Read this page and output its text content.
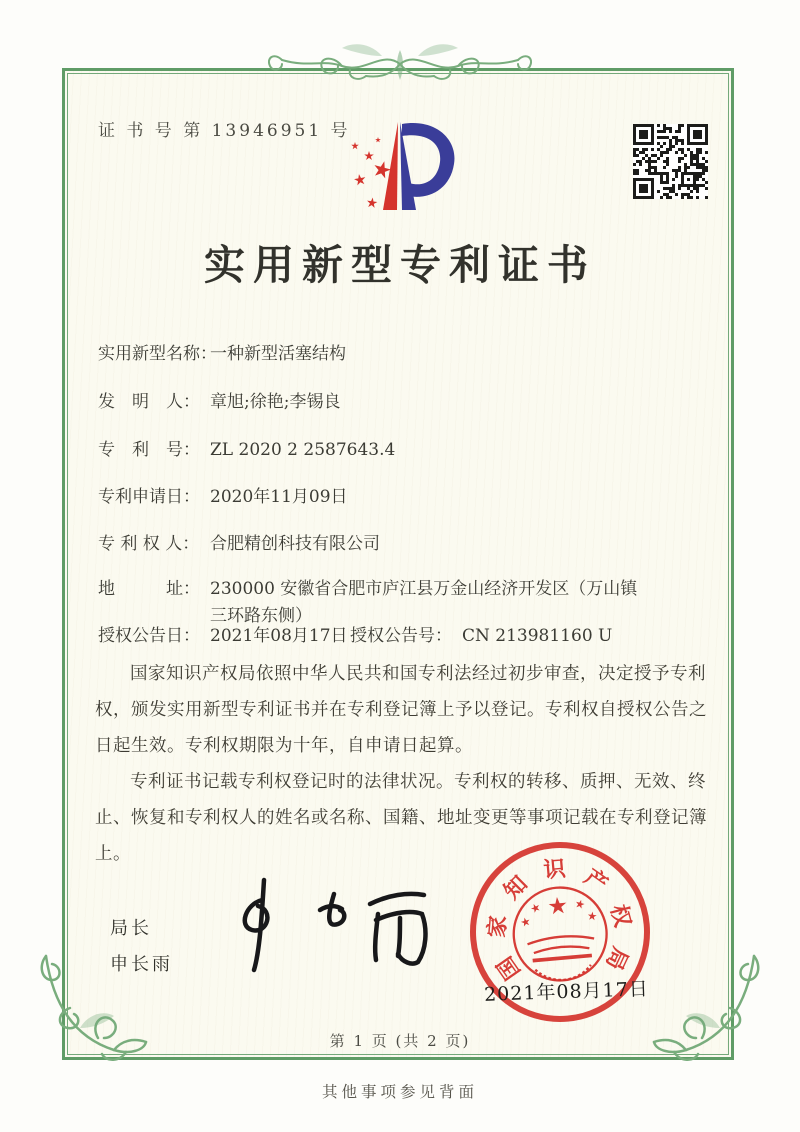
证 书 号 第 13946951 号
实用新型专利证书
实用新型名称：一种新型活塞结构
发　明　人： 章旭;徐艳;李锡良
专　利　号： ZL 2020 2 2587643.4
专利申请日： 2020年11月09日
专 利 权 人： 合肥精创科技有限公司
地　　　址： 230000 安徽省合肥市庐江县万金山经济开发区（万山镇三环路东侧）
授权公告日： 2021年08月17日 授权公告号： CN 213981160 U

国家知识产权局依照中华人民共和国专利法经过初步审查，决定授予专利权，颁发实用新型专利证书并在专利登记簿上予以登记。专利权自授权公告之日起生效。专利权期限为十年，自申请日起算。

专利证书记载专利权登记时的法律状况。专利权的转移、质押、无效、终止、恢复和专利权人的姓名或名称、国籍、地址变更等事项记载在专利登记簿上。

局长
申长雨	国
家
知
识 产
权
局
2021年08月17日
第 1 页 (共 2 页)
其他事项参见背面
